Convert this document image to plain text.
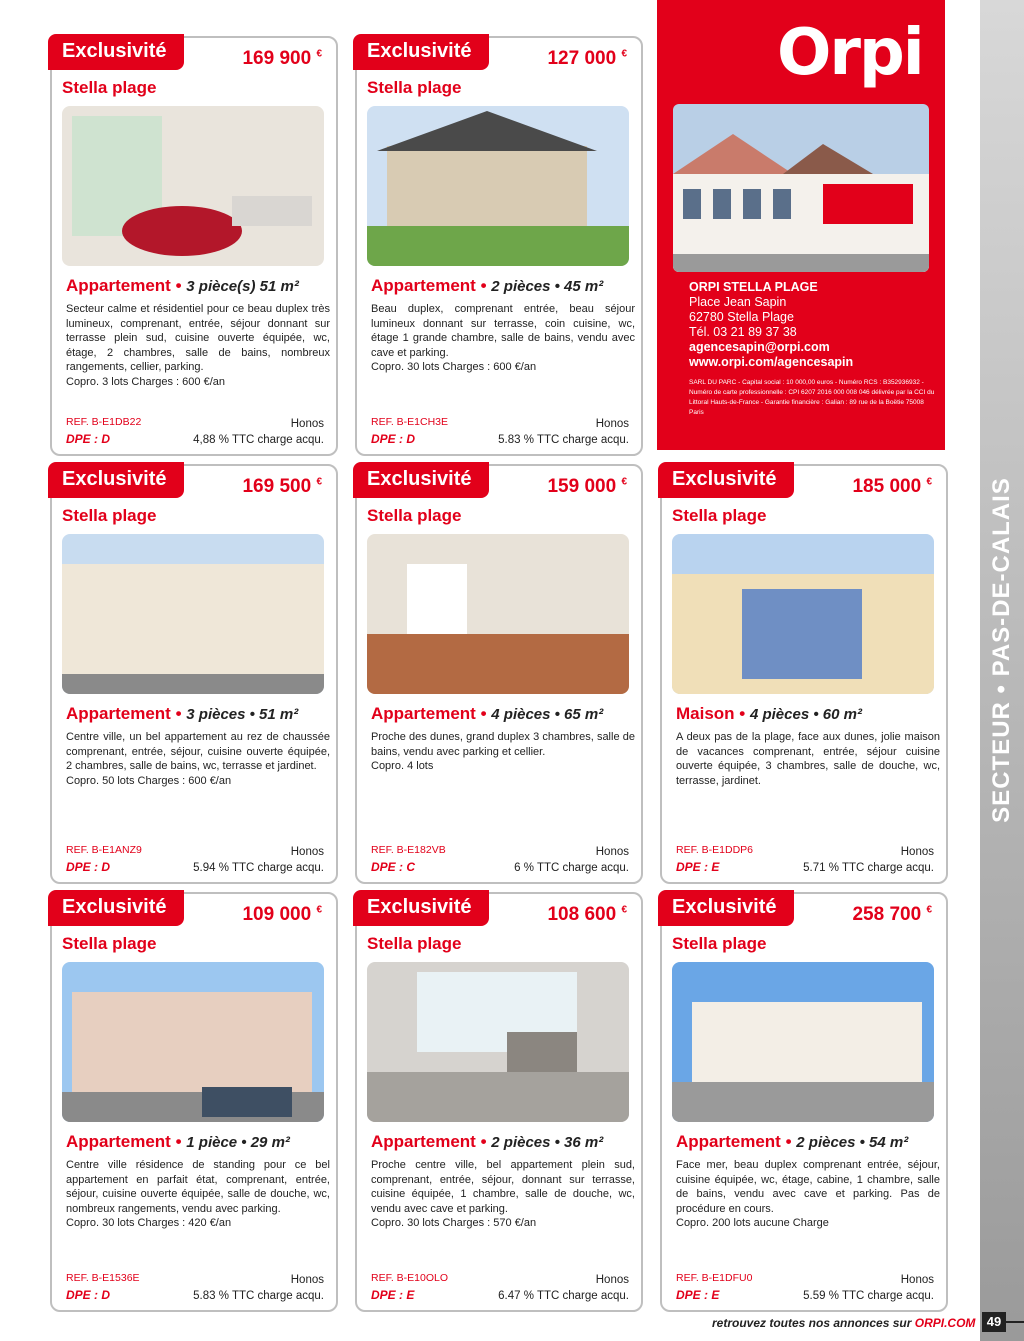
SECTEUR • PAS-DE-CALAIS
Orpi
ORPI STELLA PLAGE
Place Jean Sapin
62780 Stella Plage
Tél. 03 21 89 37 38
agencesapin@orpi.com
www.orpi.com/agencesapin
SARL DU PARC - Capital social : 10 000,00 euros - Numéro RCS : B352936932 - Numéro de carte professionnelle : CPI 6207 2016 000 008 046 délivrée par la CCI du Littoral Hauts-de-France - Garantie financière : Galian : 89 rue de la Boëtie 75008 Paris
Exclusivité	169 900 €
Stella plage
Appartement • 3 pièce(s) 51 m²
Secteur calme et résidentiel pour ce beau duplex très lumineux, comprenant, entrée, séjour donnant sur terrasse plein sud, cuisine ouverte équipée, wc, étage, 2 chambres, salle de bains, nombreux rangements, cellier, parking.
Copro. 3 lots Charges : 600 €/an
REF. B-E1DB22
DPE : D
Honos
4,88 % TTC charge acqu.
Exclusivité	127 000 €
Stella plage
Appartement • 2 pièces • 45 m²
Beau duplex, comprenant entrée, beau séjour lumineux donnant sur terrasse, coin cuisine, wc, étage 1 grande chambre, salle de bains, vendu avec cave et parking.
Copro. 30 lots Charges : 600 €/an
REF. B-E1CH3E
DPE : D
Honos
5.83 % TTC charge acqu.
Exclusivité	169 500 €
Stella plage
Appartement • 3 pièces • 51 m²
Centre ville, un bel appartement au rez de chaussée comprenant, entrée, séjour, cuisine ouverte équipée, 2 chambres, salle de bains, wc, terrasse et jardinet.
Copro. 50 lots Charges : 600 €/an
REF. B-E1ANZ9
DPE : D
Honos
5.94 % TTC charge acqu.
Exclusivité	159 000 €
Stella plage
Appartement • 4 pièces • 65 m²
Proche des dunes, grand duplex 3 chambres, salle de bains, vendu avec parking et cellier.
Copro. 4 lots
REF. B-E182VB
DPE : C
Honos
6 % TTC charge acqu.
Exclusivité	185 000 €
Stella plage
Maison • 4 pièces • 60 m²
A deux pas de la plage, face aux dunes, jolie maison de vacances comprenant, entrée, séjour cuisine ouverte équipée, 3 chambres, salle de douche, wc, terrasse, jardinet.
REF. B-E1DDP6
DPE : E
Honos
5.71 % TTC charge acqu.
Exclusivité	109 000 €
Stella plage
Appartement • 1 pièce • 29 m²
Centre ville résidence de standing pour ce bel appartement en parfait état, comprenant, entrée, séjour, cuisine ouverte équipée, salle de douche, wc, nombreux rangements, vendu avec parking.
Copro. 30 lots Charges : 420 €/an
REF. B-E1536E
DPE : D
Honos
5.83 % TTC charge acqu.
Exclusivité	108 600 €
Stella plage
Appartement • 2 pièces • 36 m²
Proche centre ville, bel appartement plein sud, comprenant, entrée, séjour, donnant sur terrasse, cuisine équipée, 1 chambre, salle de douche, wc, vendu avec cave et parking.
Copro. 30 lots Charges : 570 €/an
REF. B-E10OLO
DPE : E
Honos
6.47 % TTC charge acqu.
Exclusivité	258 700 €
Stella plage
Appartement • 2 pièces • 54 m²
Face mer, beau duplex comprenant entrée, séjour, cuisine équipée, wc, étage, cabine, 1 chambre, salle de bains, vendu avec cave et parking. Pas de procédure en cours.
Copro. 200 lots aucune Charge
REF. B-E1DFU0
DPE : E
Honos
5.59 % TTC charge acqu.
retrouvez toutes nos annonces sur ORPI.COM 49
